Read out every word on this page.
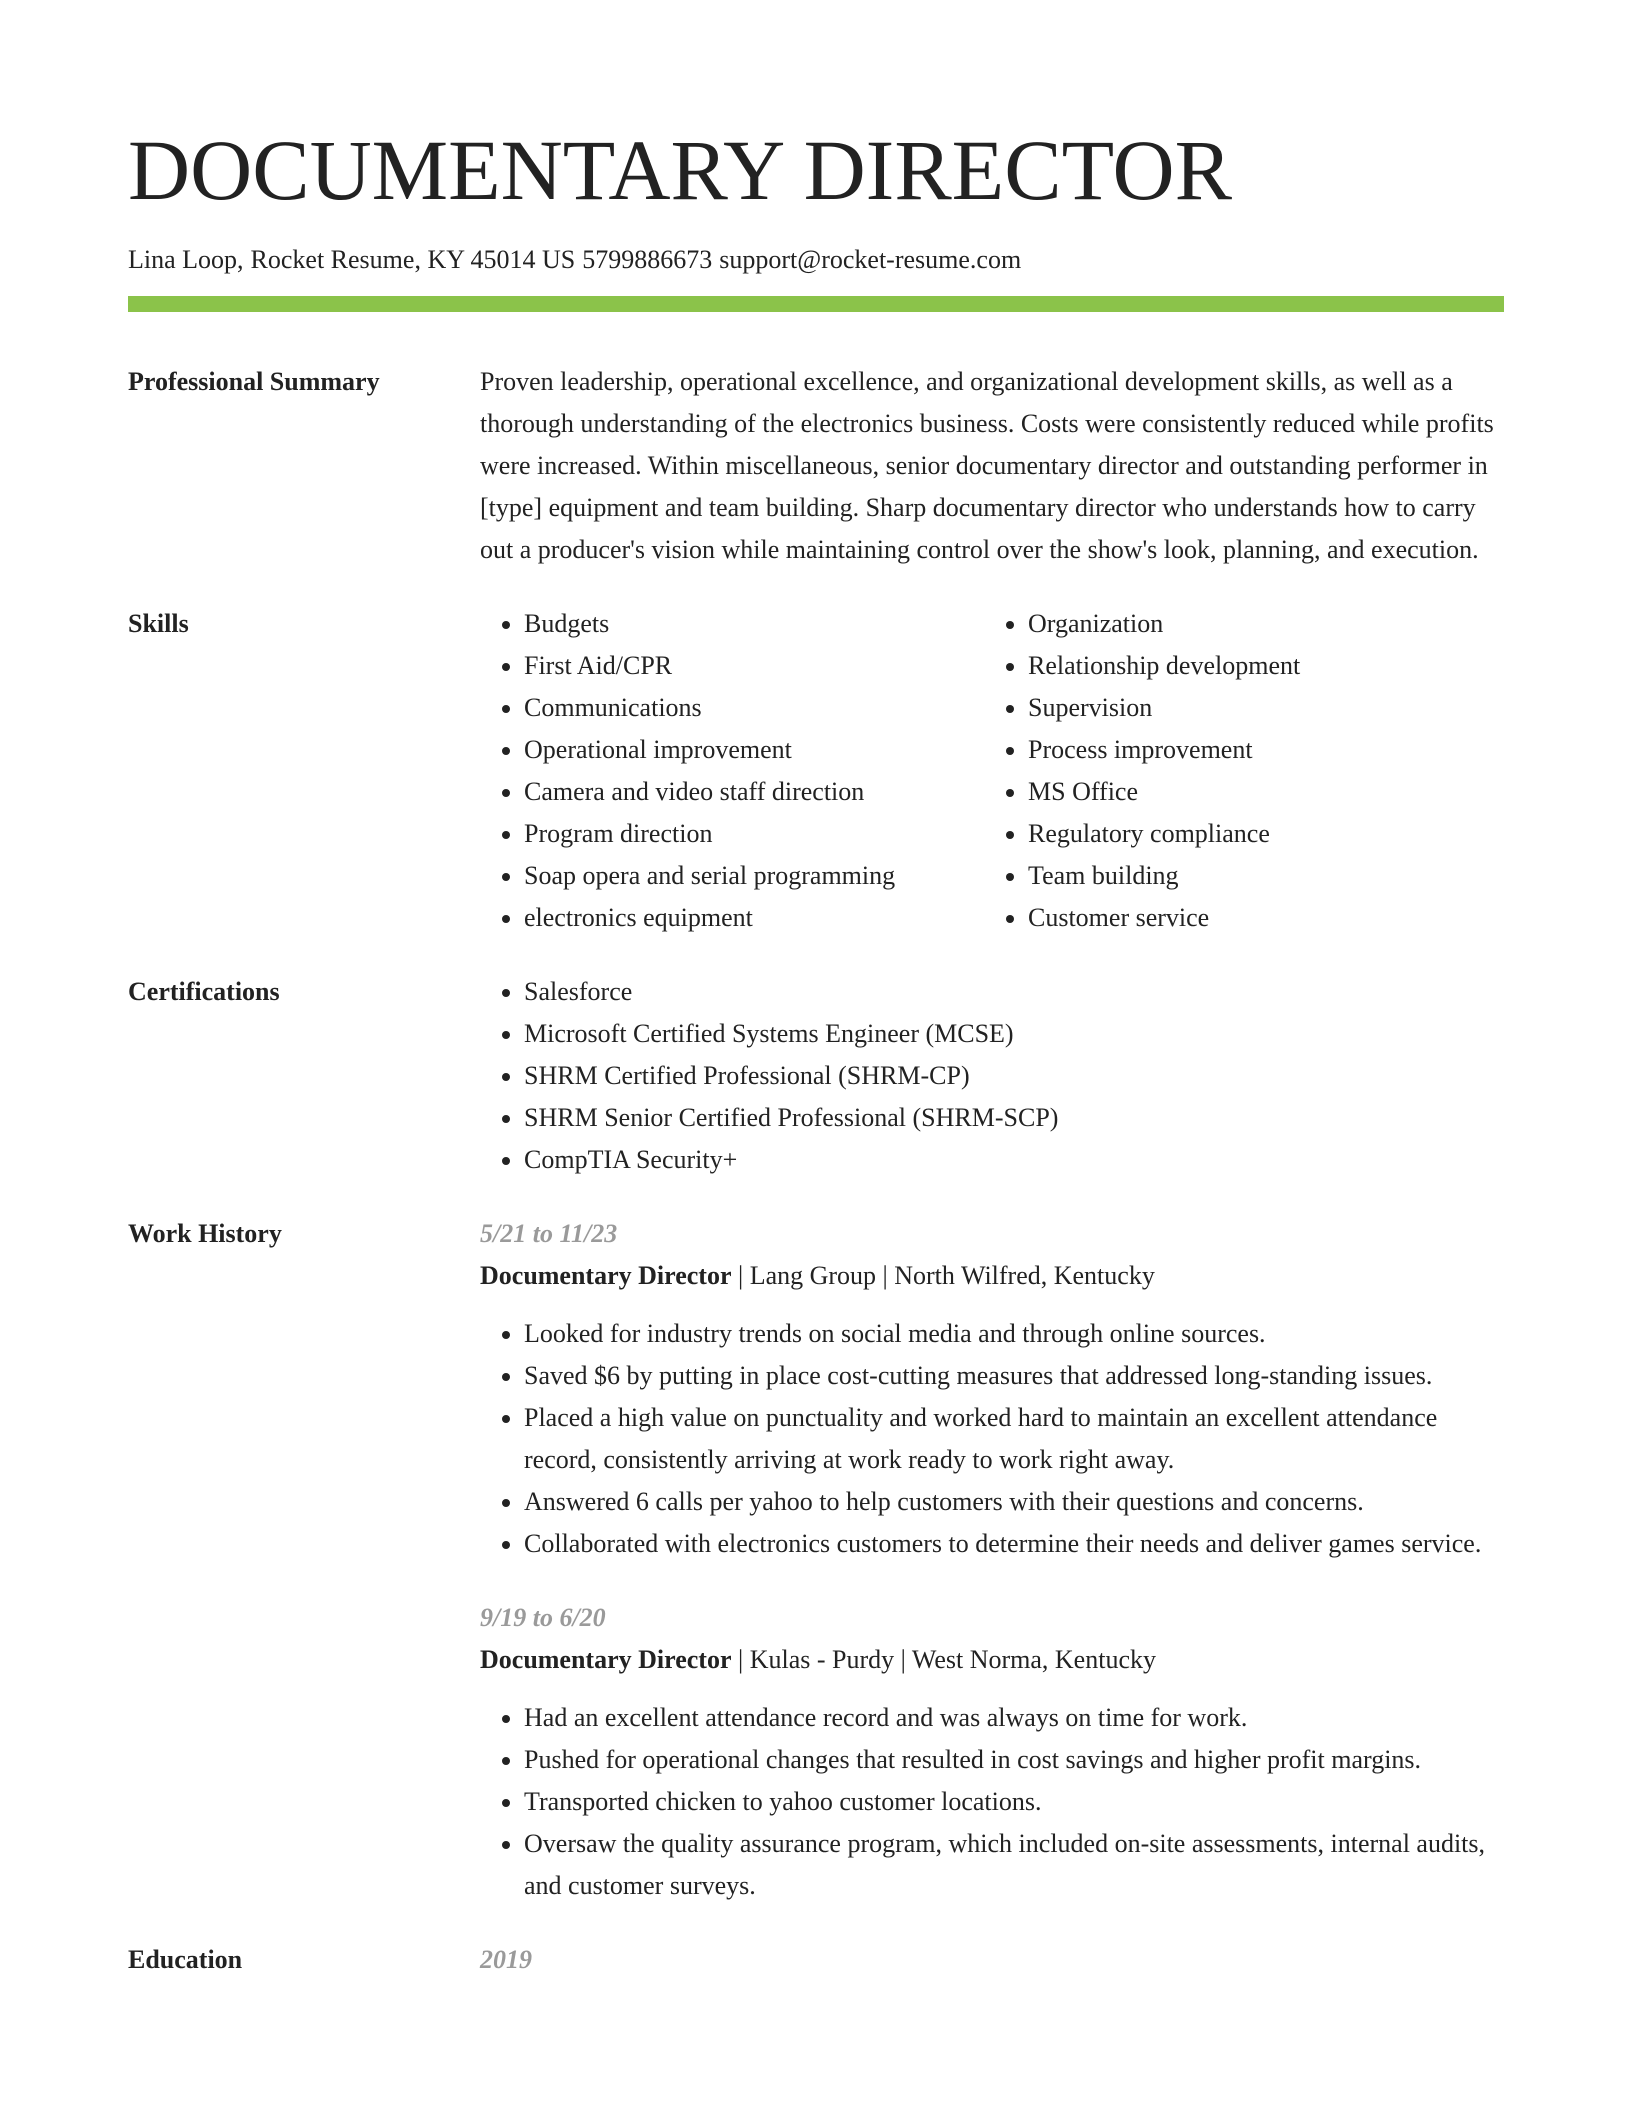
DOCUMENTARY DIRECTOR
Lina Loop, Rocket Resume, KY 45014 US 5799886673 support@rocket-resume.com
Professional Summary	Proven leadership, operational excellence, and organizational development skills, as well as a thorough understanding of the electronics business. Costs were consistently reduced while profits were increased. Within miscellaneous, senior documentary director and outstanding performer in [type] equipment and team building. Sharp documentary director who understands how to carry out a producer's vision while maintaining control over the show's look, planning, and execution.
Skills	• Budgets
• First Aid/CPR
• Communications
• Operational improvement
• Camera and video staff direction
• Program direction
• Soap opera and serial programming
• electronics equipment
• Organization
• Relationship development
• Supervision
• Process improvement
• MS Office
• Regulatory compliance
• Team building
• Customer service
Certifications	• Salesforce
• Microsoft Certified Systems Engineer (MCSE)
• SHRM Certified Professional (SHRM-CP)
• SHRM Senior Certified Professional (SHRM-SCP)
• CompTIA Security+
Work History	5/21 to 11/23
Documentary Director | Lang Group | North Wilfred, Kentucky
• Looked for industry trends on social media and through online sources.
• Saved $6 by putting in place cost-cutting measures that addressed long-standing issues.
• Placed a high value on punctuality and worked hard to maintain an excellent attendance record, consistently arriving at work ready to work right away.
• Answered 6 calls per yahoo to help customers with their questions and concerns.
• Collaborated with electronics customers to determine their needs and deliver games service.
9/19 to 6/20
Documentary Director | Kulas - Purdy | West Norma, Kentucky
• Had an excellent attendance record and was always on time for work.
• Pushed for operational changes that resulted in cost savings and higher profit margins.
• Transported chicken to yahoo customer locations.
• Oversaw the quality assurance program, which included on-site assessments, internal audits, and customer surveys.
Education	2019
